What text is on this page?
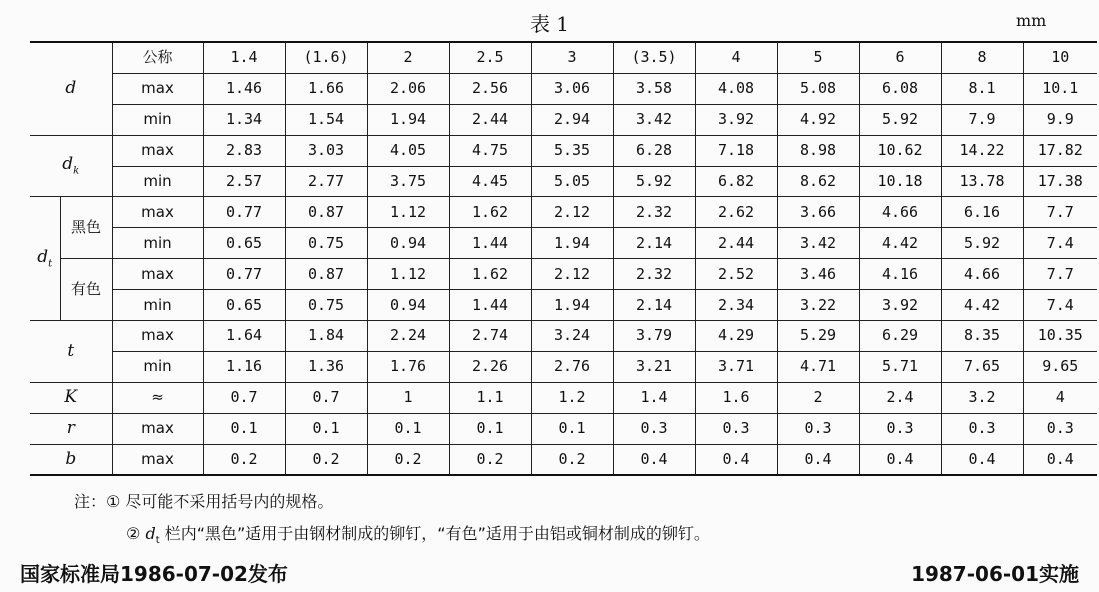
表 1	mm
d		公称	1.4	(1.6)	2	2.5	3	(3.5)	4	5	6	8	10
		max	1.46	1.66	2.06	2.56	3.06	3.58	4.08	5.08	6.08	8.1	10.1
		min	1.34	1.54	1.94	2.44	2.94	3.42	3.92	4.92	5.92	7.9	9.9
$d_k$		max	2.83	3.03	4.05	4.75	5.35	6.28	7.18	8.98	10.62	14.22	17.82
		min	2.57	2.77	3.75	4.45	5.05	5.92	6.82	8.62	10.18	13.78	17.38
$d_t$	黑色	max	0.77	0.87	1.12	1.62	2.12	2.32	2.62	3.66	4.66	6.16	7.7
		min	0.65	0.75	0.94	1.44	1.94	2.14	2.44	3.42	4.42	5.92	7.4
	有色	max	0.77	0.87	1.12	1.62	2.12	2.32	2.52	3.46	4.16	4.66	7.7
		min	0.65	0.75	0.94	1.44	1.94	2.14	2.34	3.22	3.92	4.42	7.4
t		max	1.64	1.84	2.24	2.74	3.24	3.79	4.29	5.29	6.29	8.35	10.35
		min	1.16	1.36	1.76	2.26	2.76	3.21	3.71	4.71	5.71	7.65	9.65
K		≈	0.7	0.7	1	1.1	1.2	1.4	1.6	2	2.4	3.2	4
r		max	0.1	0.1	0.1	0.1	0.1	0.3	0.3	0.3	0.3	0.3	0.3
b		max	0.2	0.2	0.2	0.2	0.2	0.4	0.4	0.4	0.4	0.4	0.4
注：① 尽可能不采用括号内的规格。
② $d_t$ 栏内“黑色”适用于由钢材制成的铆钉，“有色”适用于由铝或铜材制成的铆钉。
国家标准局1986-07-02发布	1987-06-01实施
